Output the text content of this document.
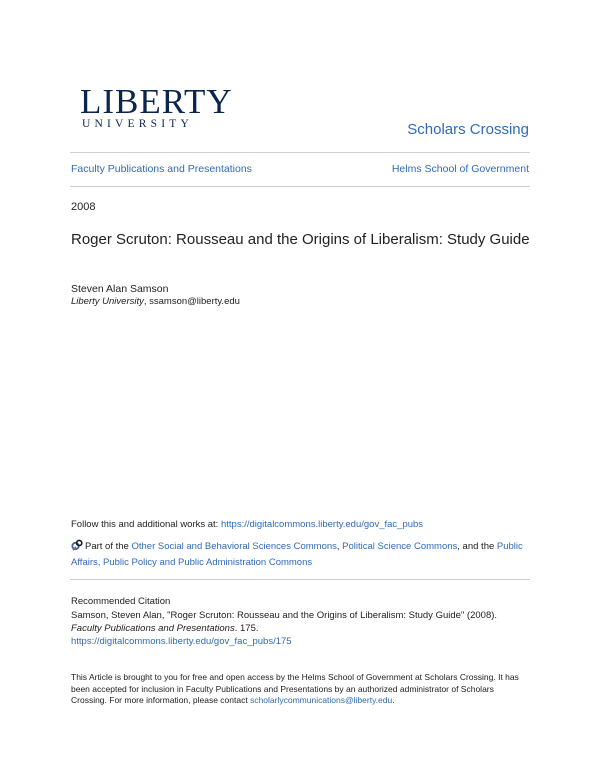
LIBERTY
UNIVERSITY	Scholars Crossing
Faculty Publications and Presentations	Helms School of Government
2008
Roger Scruton: Rousseau and the Origins of Liberalism: Study Guide
Steven Alan Samson
Liberty University, ssamson@liberty.edu
Follow this and additional works at: https://digitalcommons.liberty.edu/gov_fac_pubs
Part of the Other Social and Behavioral Sciences Commons, Political Science Commons, and the Public Affairs, Public Policy and Public Administration Commons
Recommended Citation
Samson, Steven Alan, "Roger Scruton: Rousseau and the Origins of Liberalism: Study Guide" (2008).
Faculty Publications and Presentations. 175.
https://digitalcommons.liberty.edu/gov_fac_pubs/175
This Article is brought to you for free and open access by the Helms School of Government at Scholars Crossing. It has been accepted for inclusion in Faculty Publications and Presentations by an authorized administrator of Scholars Crossing. For more information, please contact scholarlycommunications@liberty.edu.
